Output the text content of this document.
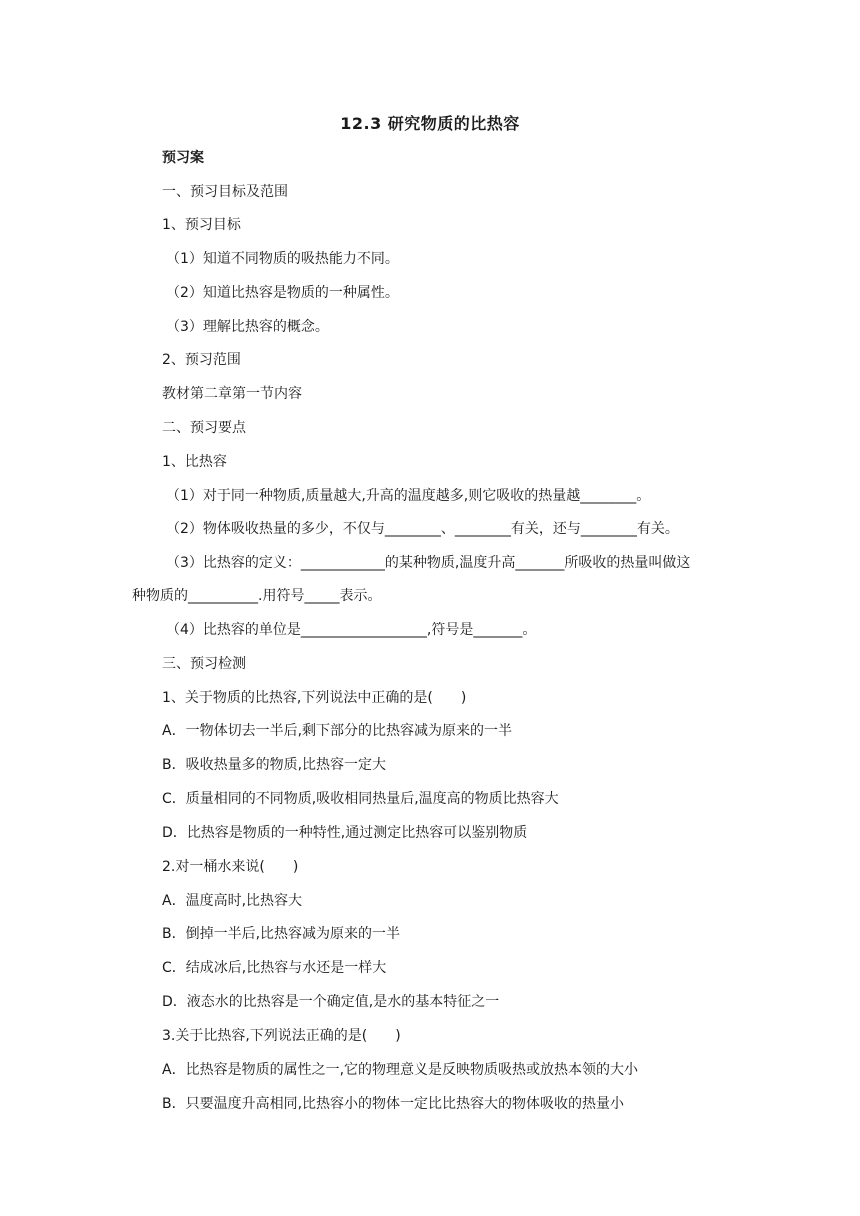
12.3 研究物质的比热容
预习案
一、预习目标及范围
1、预习目标
（1）知道不同物质的吸热能力不同。
（2）知道比热容是物质的一种属性。
（3）理解比热容的概念。
2、预习范围
教材第二章第一节内容
二、预习要点
1、比热容
（1）对于同一种物质,质量越大,升高的温度越多,则它吸收的热量越________。
（2）物体吸收热量的多少，不仅与________、________有关，还与________有关。
（3）比热容的定义：____________的某种物质,温度升高_______所吸收的热量叫做这
种物质的__________.用符号_____表示。
（4）比热容的单位是__________________,符号是_______。
三、预习检测
1、关于物质的比热容,下列说法中正确的是(　　)
A．一物体切去一半后,剩下部分的比热容减为原来的一半
B．吸收热量多的物质,比热容一定大
C．质量相同的不同物质,吸收相同热量后,温度高的物质比热容大
D．比热容是物质的一种特性,通过测定比热容可以鉴别物质
2.对一桶水来说(　　)
A．温度高时,比热容大
B．倒掉一半后,比热容减为原来的一半
C．结成冰后,比热容与水还是一样大
D．液态水的比热容是一个确定值,是水的基本特征之一
3.关于比热容,下列说法正确的是(　　)
A．比热容是物质的属性之一,它的物理意义是反映物质吸热或放热本领的大小
B．只要温度升高相同,比热容小的物体一定比比热容大的物体吸收的热量小
